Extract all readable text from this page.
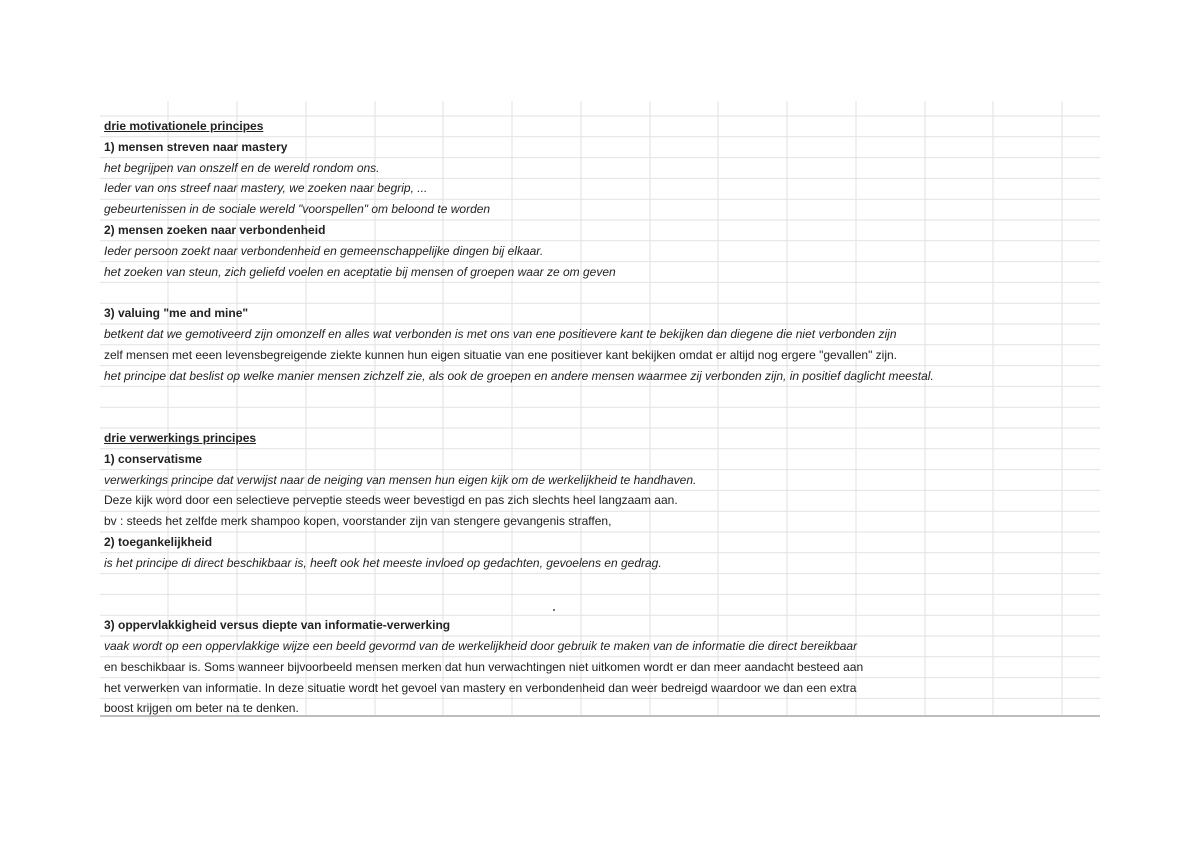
drie motivationele principes
1) mensen streven naar mastery
het begrijpen van onszelf en de wereld rondom ons.
Ieder van ons streef naar mastery, we zoeken naar begrip, ...
gebeurtenissen in de sociale wereld "voorspellen" om beloond te worden
2) mensen zoeken naar verbondenheid
Ieder persoon zoekt naar verbondenheid en gemeenschappelijke dingen bij elkaar.
het zoeken van steun, zich geliefd voelen en aceptatie bij mensen of groepen waar ze om geven
3) valuing "me and mine"
betkent dat we gemotiveerd zijn omonzelf en alles wat verbonden is met ons van ene positievere kant te bekijken dan diegene die niet verbonden zijn
zelf mensen met eeen levensbegreigende ziekte kunnen hun eigen situatie van ene positiever kant bekijken omdat er altijd nog ergere "gevallen" zijn.
het principe dat beslist op welke manier mensen zichzelf zie, als ook de groepen en andere mensen waarmee zij verbonden zijn, in positief daglicht meestal.
drie verwerkings principes
1) conservatisme
verwerkings principe dat verwijst naar de neiging van mensen hun eigen kijk om de werkelijkheid te handhaven.
Deze kijk word door een selectieve perveptie steeds weer bevestigd en pas zich slechts heel langzaam aan.
bv : steeds het zelfde merk shampoo kopen, voorstander zijn van stengere gevangenis straffen,
2) toegankelijkheid
is het principe di direct beschikbaar is, heeft ook het meeste invloed op gedachten, gevoelens en gedrag.
3) oppervlakkigheid versus diepte van informatie-verwerking
vaak wordt op een oppervlakkige wijze een beeld gevormd van de werkelijkheid door gebruik te maken van de informatie die direct bereikbaar
en beschikbaar is. Soms wanneer bijvoorbeeld mensen merken dat hun verwachtingen niet uitkomen wordt er dan meer aandacht besteed aan
het verwerken van informatie. In deze situatie wordt het gevoel van mastery en verbondenheid dan weer bedreigd waardoor we dan een extra
boost krijgen om beter na te denken.
